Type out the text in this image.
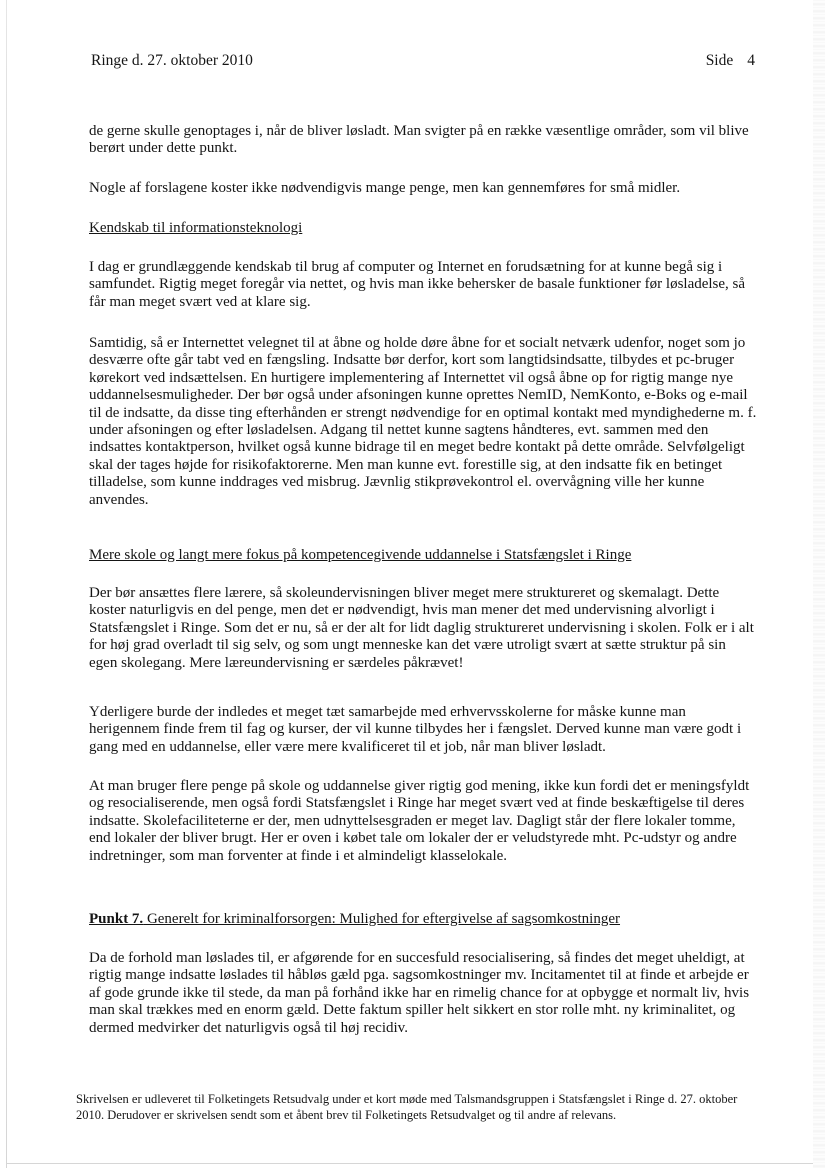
Ringe d. 27. oktober 2010	Side 4

de gerne skulle genoptages i, når de bliver løsladt. Man svigter på en række væsentlige områder, som vil blive berørt under dette punkt.

Nogle af forslagene koster ikke nødvendigvis mange penge, men kan gennemføres for små midler.

Kendskab til informationsteknologi

I dag er grundlæggende kendskab til brug af computer og Internet en forudsætning for at kunne begå sig i samfundet. Rigtig meget foregår via nettet, og hvis man ikke behersker de basale funktioner før løsladelse, så får man meget svært ved at klare sig.

Samtidig, så er Internettet velegnet til at åbne og holde døre åbne for et socialt netværk udenfor, noget som jo desværre ofte går tabt ved en fængsling. Indsatte bør derfor, kort som langtidsindsatte, tilbydes et pc-bruger kørekort ved indsættelsen. En hurtigere implementering af Internettet vil også åbne op for rigtig mange nye uddannelsesmuligheder. Der bør også under afsoningen kunne oprettes NemID, NemKonto, e-Boks og e-mail til de indsatte, da disse ting efterhånden er strengt nødvendige for en optimal kontakt med myndighederne m. f. under afsoningen og efter løsladelsen. Adgang til nettet kunne sagtens håndteres, evt. sammen med den indsattes kontaktperson, hvilket også kunne bidrage til en meget bedre kontakt på dette område. Selvfølgeligt skal der tages højde for risikofaktorerne. Men man kunne evt. forestille sig, at den indsatte fik en betinget tilladelse, som kunne inddrages ved misbrug. Jævnlig stikprøvekontrol el. overvågning ville her kunne anvendes.

Mere skole og langt mere fokus på kompetencegivende uddannelse i Statsfængslet i Ringe

Der bør ansættes flere lærere, så skoleundervisningen bliver meget mere struktureret og skemalagt. Dette koster naturligvis en del penge, men det er nødvendigt, hvis man mener det med undervisning alvorligt i Statsfængslet i Ringe. Som det er nu, så er der alt for lidt daglig struktureret undervisning i skolen. Folk er i alt for høj grad overladt til sig selv, og som ungt menneske kan det være utroligt svært at sætte struktur på sin egen skolegang. Mere læreundervisning er særdeles påkrævet!

Yderligere burde der indledes et meget tæt samarbejde med erhvervsskolerne for måske kunne man herigennem finde frem til fag og kurser, der vil kunne tilbydes her i fængslet. Derved kunne man være godt i gang med en uddannelse, eller være mere kvalificeret til et job, når man bliver løsladt.

At man bruger flere penge på skole og uddannelse giver rigtig god mening, ikke kun fordi det er meningsfyldt og resocialiserende, men også fordi Statsfængslet i Ringe har meget svært ved at finde beskæftigelse til deres indsatte. Skolefaciliteterne er der, men udnyttelsesgraden er meget lav. Dagligt står der flere lokaler tomme, end lokaler der bliver brugt. Her er oven i købet tale om lokaler der er veludstyrede mht. Pc-udstyr og andre indretninger, som man forventer at finde i et almindeligt klasselokale.

Punkt 7. Generelt for kriminalforsorgen: Mulighed for eftergivelse af sagsomkostninger

Da de forhold man løslades til, er afgørende for en succesfuld resocialisering, så findes det meget uheldigt, at rigtig mange indsatte løslades til håbløs gæld pga. sagsomkostninger mv. Incitamentet til at finde et arbejde er af gode grunde ikke til stede, da man på forhånd ikke har en rimelig chance for at opbygge et normalt liv, hvis man skal trækkes med en enorm gæld. Dette faktum spiller helt sikkert en stor rolle mht. ny kriminalitet, og dermed medvirker det naturligvis også til høj recidiv.

Skrivelsen er udleveret til Folketingets Retsudvalg under et kort møde med Talsmandsgruppen i Statsfængslet i Ringe d. 27. oktober 2010. Derudover er skrivelsen sendt som et åbent brev til Folketingets Retsudvalget og til andre af relevans.
